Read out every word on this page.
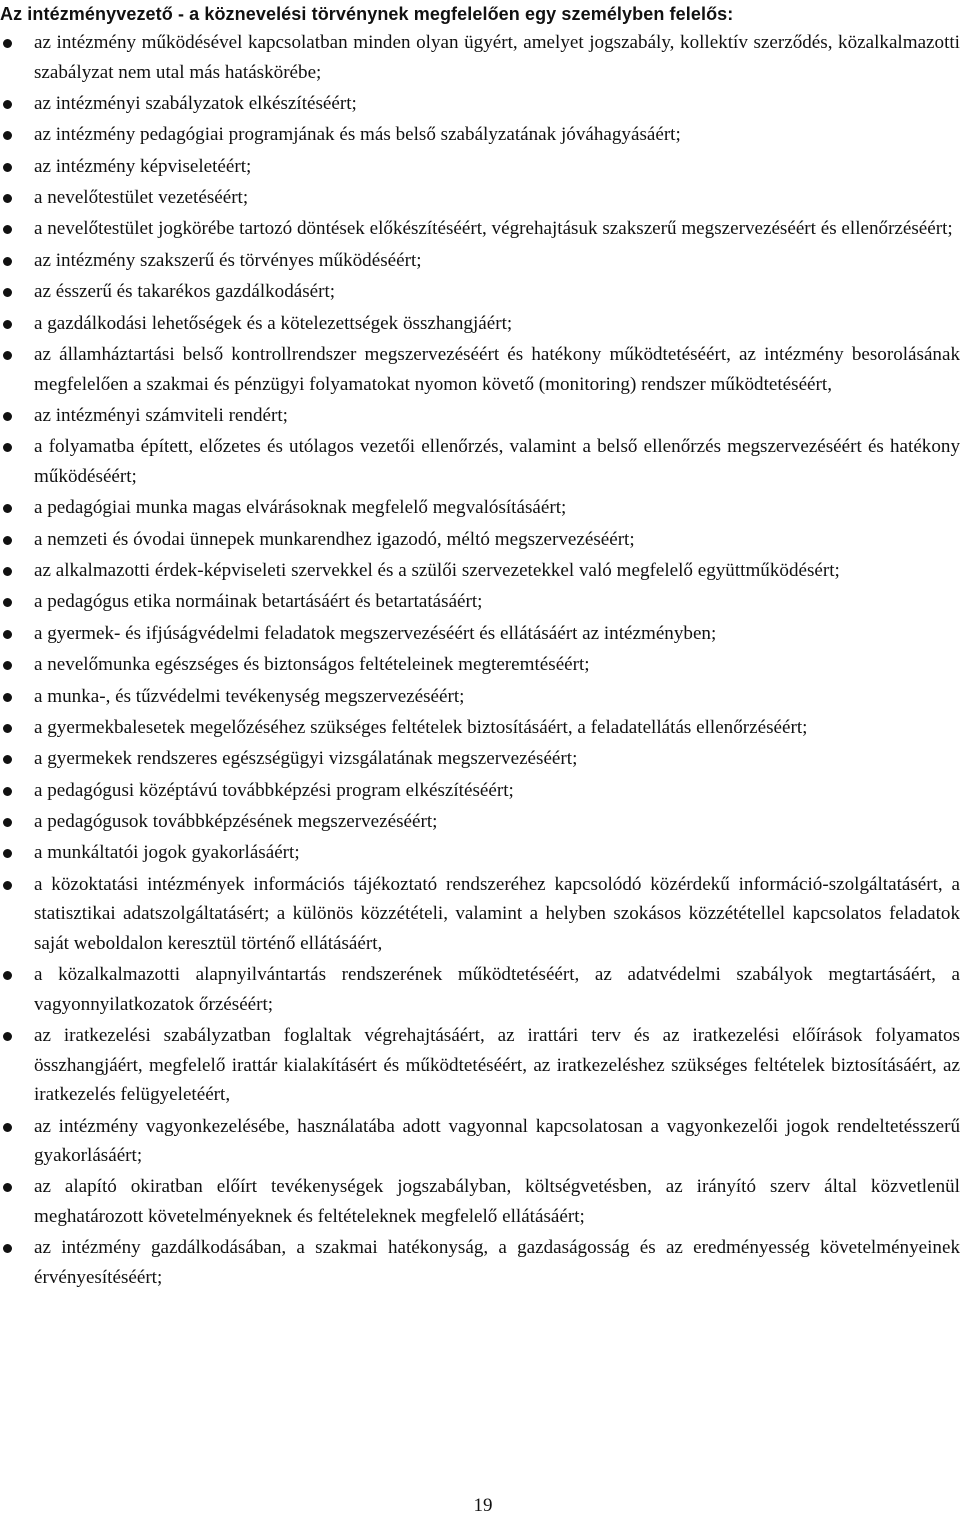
Az intézményvezető - a köznevelési törvénynek megfelelően egy személyben felelős:
az intézmény működésével kapcsolatban minden olyan ügyért, amelyet jogszabály, kollektív szerződés, közalkalmazotti szabályzat nem utal más hatáskörébe;
az intézményi szabályzatok elkészítéséért;
az intézmény pedagógiai programjának és más belső szabályzatának jóváhagyásáért;
az intézmény képviseletéért;
a nevelőtestület vezetéséért;
a nevelőtestület jogkörébe tartozó döntések előkészítéséért, végrehajtásuk szakszerű megszervezéséért és ellenőrzéséért;
az intézmény szakszerű és törvényes működéséért;
az ésszerű és takarékos gazdálkodásért;
a gazdálkodási lehetőségek és a kötelezettségek összhangjáért;
az államháztartási belső kontrollrendszer megszervezéséért és hatékony működtetéséért, az intézmény besorolásának megfelelően a szakmai és pénzügyi folyamatokat nyomon követő (monitoring) rendszer működtetéséért,
az intézményi számviteli rendért;
a folyamatba épített, előzetes és utólagos vezetői ellenőrzés, valamint a belső ellenőrzés megszervezéséért és hatékony működéséért;
a pedagógiai munka magas elvárásoknak megfelelő megvalósításáért;
a nemzeti és óvodai ünnepek munkarendhez igazodó, méltó megszervezéséért;
az alkalmazotti érdek-képviseleti szervekkel és a szülői szervezetekkel való megfelelő együttműködésért;
a pedagógus etika normáinak betartásáért és betartatásáért;
a gyermek- és ifjúságvédelmi feladatok megszervezéséért és ellátásáért az intézményben;
a nevelőmunka egészséges és biztonságos feltételeinek megteremtéséért;
a munka-, és tűzvédelmi tevékenység megszervezéséért;
a gyermekbalesetek megelőzéséhez szükséges feltételek biztosításáért, a feladatellátás ellenőrzéséért;
a gyermekek rendszeres egészségügyi vizsgálatának megszervezéséért;
a pedagógusi középtávú továbbképzési program elkészítéséért;
a pedagógusok továbbképzésének megszervezéséért;
a munkáltatói jogok gyakorlásáért;
a közoktatási intézmények információs tájékoztató rendszeréhez kapcsolódó közérdekű információ-szolgáltatásért, a statisztikai adatszolgáltatásért; a különös közzétételi, valamint a helyben szokásos közzététellel kapcsolatos feladatok saját weboldalon keresztül történő ellátásáért,
a közalkalmazotti alapnyilvántartás rendszerének működtetéséért, az adatvédelmi szabályok megtartásáért, a vagyonnyilatkozatok őrzéséért;
az iratkezelési szabályzatban foglaltak végrehajtásáért, az irattári terv és az iratkezelési előírások folyamatos összhangjáért, megfelelő irattár kialakításért és működtetéséért, az iratkezeléshez szükséges feltételek biztosításáért, az iratkezelés felügyeletéért,
az intézmény vagyonkezelésébe, használatába adott vagyonnal kapcsolatosan a vagyonkezelői jogok rendeltetésszerű gyakorlásáért;
az alapító okiratban előírt tevékenységek jogszabályban, költségvetésben, az irányító szerv által közvetlenül meghatározott követelményeknek és feltételeknek megfelelő ellátásáért;
az intézmény gazdálkodásában, a szakmai hatékonyság, a gazdaságosság és az eredményesség követelményeinek érvényesítéséért;
19
